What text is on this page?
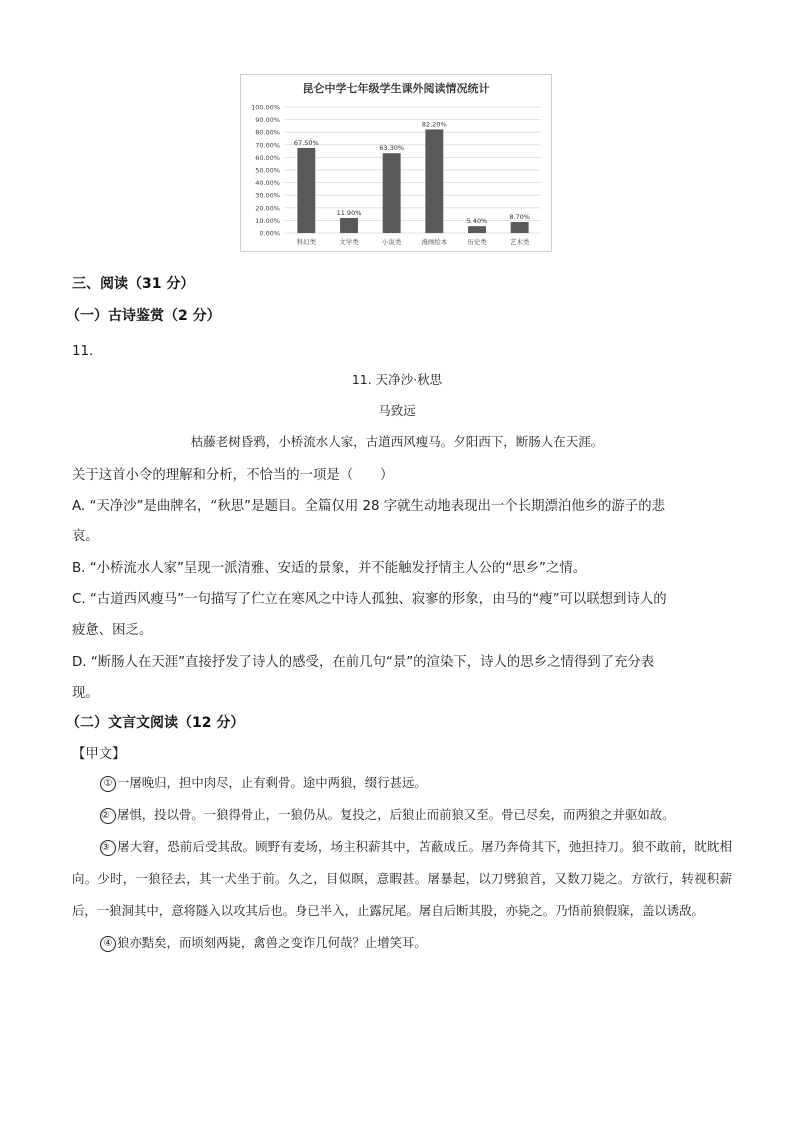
昆仑中学七年级学生课外阅读情况统计
0.00%
10.00%
20.00%
30.00%
40.00%
50.00%
60.00%
70.00%
80.00%
90.00%
100.00%
67.50%
11.90%
63.30%
82.20%
5.40%
8.70%
科幻类	文学类	小说类	漫画绘本	历史类	艺术类
三、阅读（31 分）
（一）古诗鉴赏（2 分）
11．
11. 天净沙·秋思
马致远
枯藤老树昏鸦，小桥流水人家，古道西风瘦马。夕阳西下，断肠人在天涯。
关于这首小令的理解和分析，不恰当的一项是（　　）
A. “天净沙”是曲牌名，“秋思”是题目。全篇仅用 28 字就生动地表现出一个长期漂泊他乡的游子的悲
哀。
B. “小桥流水人家”呈现一派清雅、安适的景象，并不能触发抒情主人公的“思乡”之情。
C. “古道西风瘦马”一句描写了伫立在寒风之中诗人孤独、寂寥的形象，由马的“瘦”可以联想到诗人的
疲惫、困乏。
D. “断肠人在天涯”直接抒发了诗人的感受，在前几句“景”的渲染下，诗人的思乡之情得到了充分表
现。
（二）文言文阅读（12 分）
【甲文】

① 一屠晚归，担中肉尽，止有剩骨。途中两狼，缀行甚远。

② 屠惧，投以骨。一狼得骨止，一狼仍从。复投之，后狼止而前狼又至。骨已尽矣，而两狼之并驱如故。

③ 屠大窘，恐前后受其敌。顾野有麦场，场主积薪其中，苫蔽成丘。屠乃奔倚其下，弛担持刀。狼不敢前，眈眈相向。少时，一狼径去，其一犬坐于前。久之，目似瞑，意暇甚。屠暴起，以刀劈狼首，又数刀毙之。方欲行，转视积薪后，一狼洞其中，意将隧入以攻其后也。身已半入，止露尻尾。屠自后断其股，亦毙之。乃悟前狼假寐，盖以诱敌。

④ 狼亦黠矣，而顷刻两毙，禽兽之变诈几何哉？止增笑耳。
